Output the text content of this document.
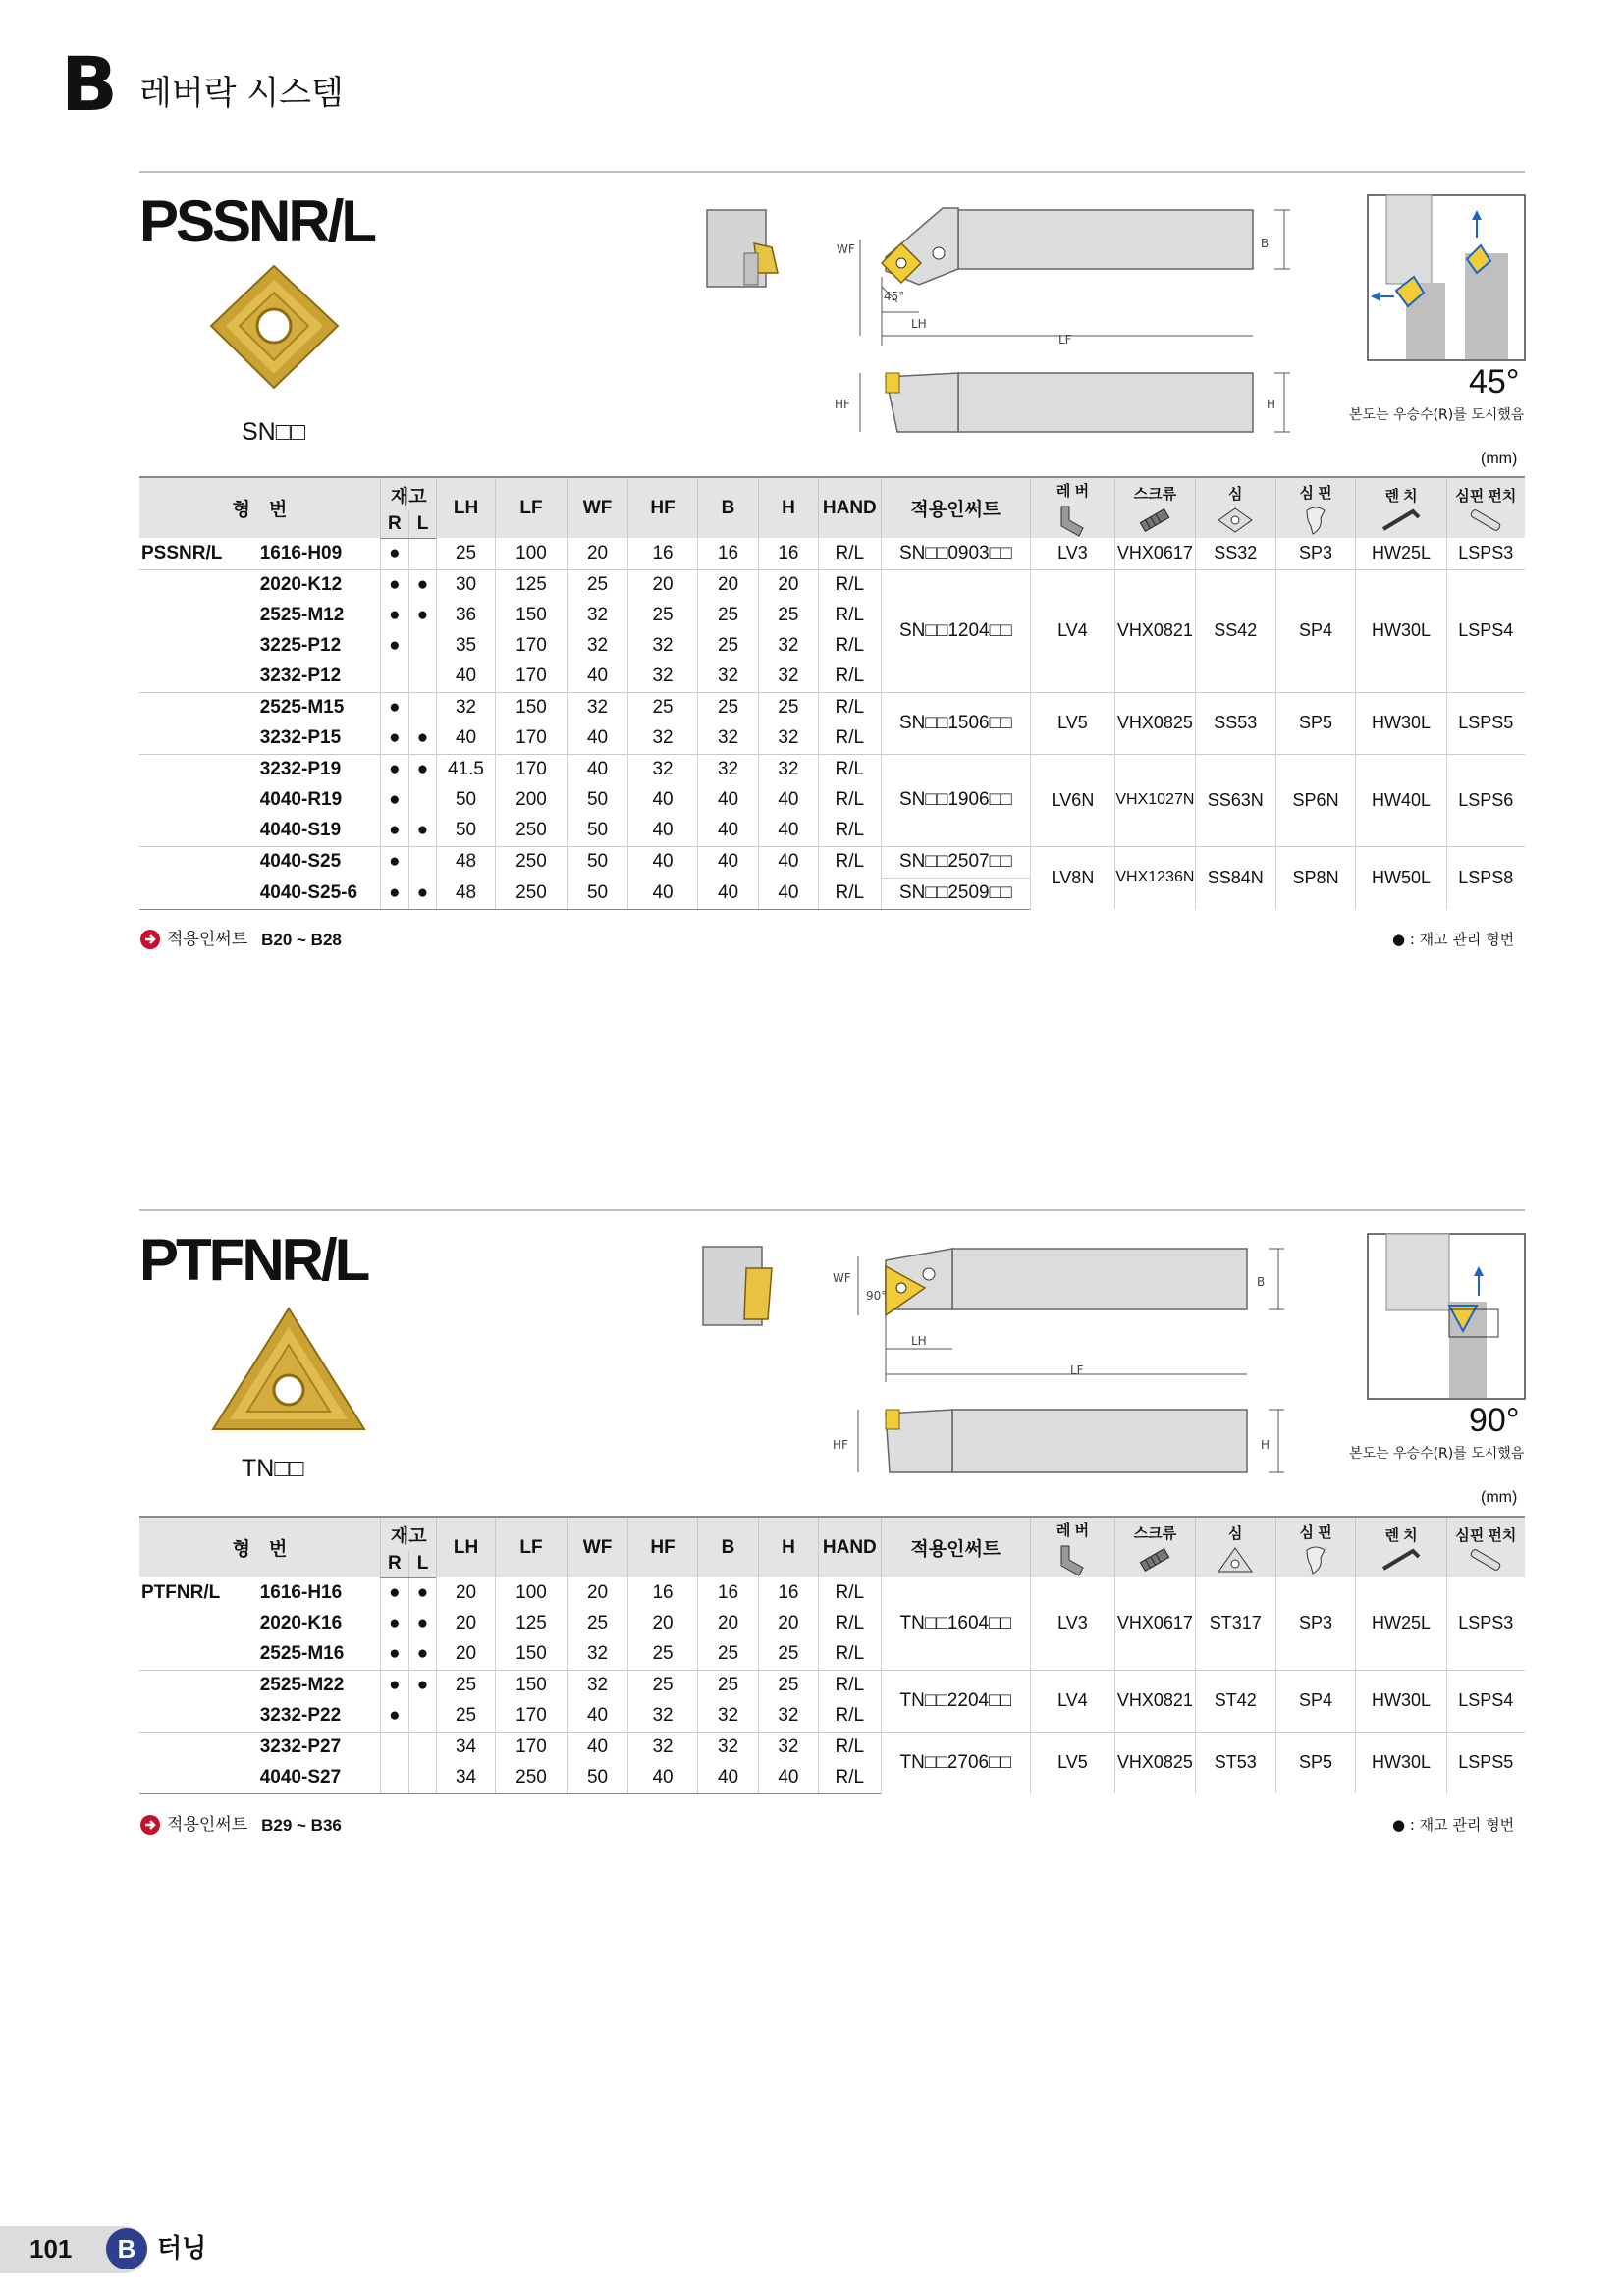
B 레버락 시스템
PSSNR/L
SN□□
WF	B
45°
LH
LF
HF	H
45°
본도는 우승수(R)를 도시했음
(mm)
형　번		재고		LH	LF	WF	HF	B	H	HAND	적용인써트	레 버	스크류	심	심 핀	렌 치	심핀 펀치

		R	L														
PSSNR/L	1616-H09	●		25	100	20	16	16	16	R/L	SN□□0903□□	LV3	VHX0617	SS32	SP3	HW25L	LSPS3
	2020-K12	●	●	30	125	25	20	20	20	R/L	SN□□1204□□	LV4	VHX0821	SS42	SP4	HW30L	LSPS4
	2525-M12	●	●	36	150	32	25	25	25	R/L							
	3225-P12	●		35	170	32	32	25	32	R/L							
	3232-P12			40	170	40	32	32	32	R/L							
	2525-M15	●		32	150	32	25	25	25	R/L	SN□□1506□□	LV5	VHX0825	SS53	SP5	HW30L	LSPS5
	3232-P15	●	●	40	170	40	32	32	32	R/L							
	3232-P19	●	●	41.5	170	40	32	32	32	R/L	SN□□1906□□	LV6N	VHX1027N	SS63N	SP6N	HW40L	LSPS6
	4040-R19	●		50	200	50	40	40	40	R/L							
	4040-S19	●	●	50	250	50	40	40	40	R/L							
	4040-S25	●		48	250	50	40	40	40	R/L	SN□□2507□□	LV8N	VHX1236N	SS84N	SP8N	HW50L	LSPS8
	4040-S25-6	●	●	48	250	50	40	40	40	R/L	SN□□2509□□						
적용인써트 B20 ~ B28	● : 재고 관리 형번
PTFNR/L
TN□□
WF	B
90°
LH
LF
HF	H
90°
본도는 우승수(R)를 도시했음
(mm)
형　번		재고		LH	LF	WF	HF	B	H	HAND	적용인써트	레 버	스크류	심	심 핀	렌 치	심핀 펀치

		R	L														
PTFNR/L	1616-H16	●	●	20	100	20	16	16	16	R/L	TN□□1604□□	LV3	VHX0617	ST317	SP3	HW25L	LSPS3
	2020-K16	●	●	20	125	25	20	20	20	R/L							
	2525-M16	●	●	20	150	32	25	25	25	R/L							
	2525-M22	●	●	25	150	32	25	25	25	R/L	TN□□2204□□	LV4	VHX0821	ST42	SP4	HW30L	LSPS4
	3232-P22	●		25	170	40	32	32	32	R/L							
	3232-P27			34	170	40	32	32	32	R/L	TN□□2706□□	LV5	VHX0825	ST53	SP5	HW30L	LSPS5
	4040-S27			34	250	50	40	40	40	R/L							
적용인써트 B29 ~ B36	● : 재고 관리 형번
101	B 터닝
